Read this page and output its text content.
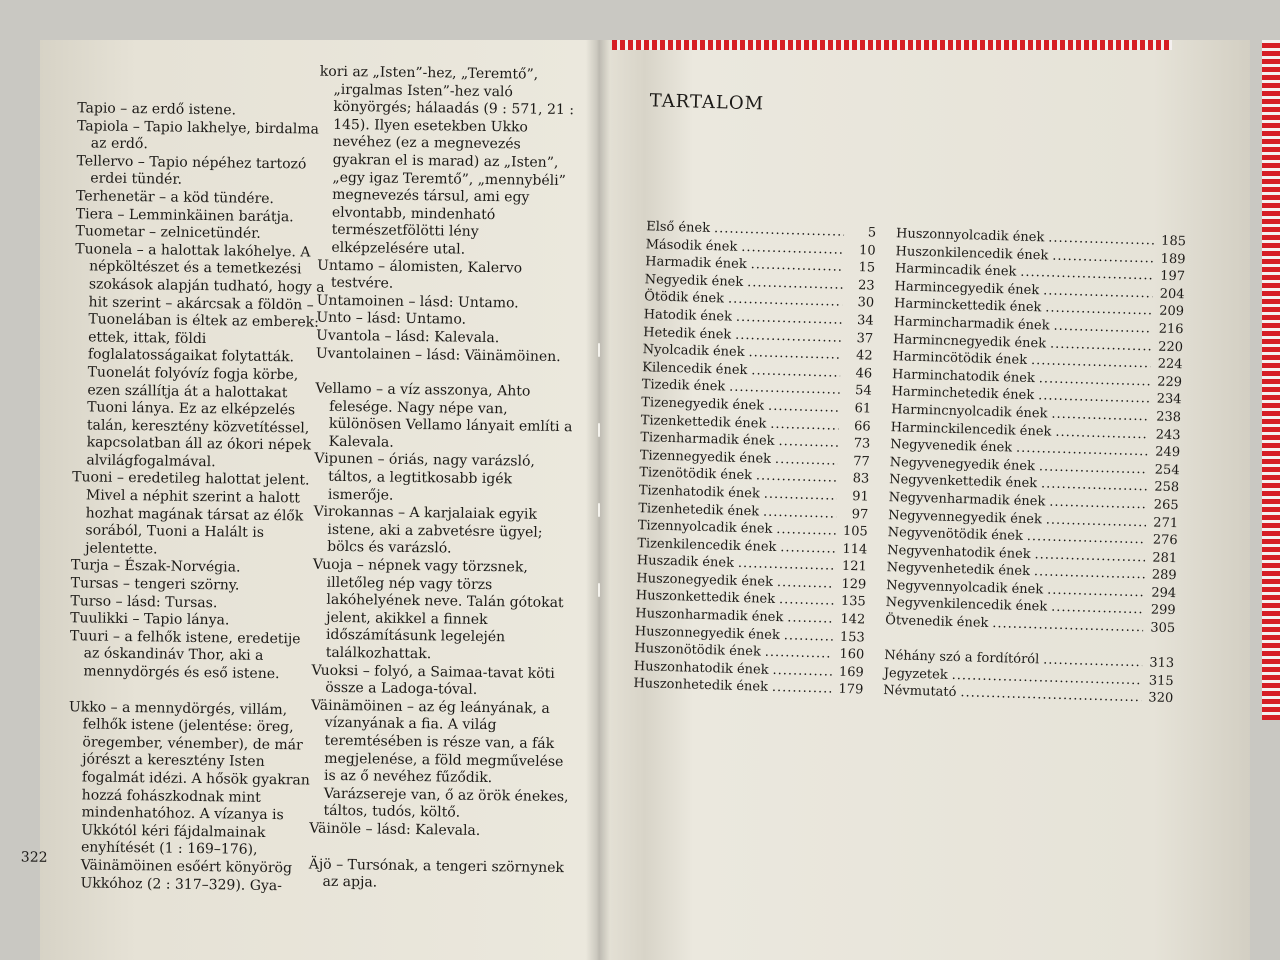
Tapio – az erdő istene.
Tapiola – Tapio lakhelye, birdalma az erdő.
Tellervo – Tapio népéhez tartozó erdei tündér.
Terhenetär – a köd tündére.
Tiera – Lemminkäinen barátja.
Tuometar – zelnicetündér.
Tuonela – a halottak lakóhelye. A népköltészet és a temetkezési szokások alapján tudható, hogy a hit szerint – akárcsak a földön – Tuonelában is éltek az emberek: ettek, ittak, földi foglalatosságaikat folytatták. Tuonelát folyóvíz fogja körbe, ezen szállítja át a halottakat Tuoni lánya. Ez az elképzelés talán, keresztény közvetítéssel, kapcsolatban áll az ókori népek alvilágfogalmával.
Tuoni – eredetileg halottat jelent. Mivel a néphit szerint a halott hozhat magának társat az élők sorából, Tuoni a Halált is jelentette.
Turja – Észak-Norvégia.
Tursas – tengeri szörny.
Turso – lásd: Tursas.
Tuulikki – Tapio lánya.
Tuuri – a felhők istene, eredetije az óskandináv Thor, aki a mennydörgés és eső istene.
Ukko – a mennydörgés, villám, felhők istene (jelentése: öreg, öregember, vénember), de már jórészt a keresztény Isten fogalmát idézi. A hősök gyakran hozzá fohászkodnak mint mindenhatóhoz. A vízanya is Ukkótól kéri fájdalmainak enyhítését (1 : 169–176), Väinämöinen esőért könyörög Ukkóhoz (2 : 317–329). Gya-
kori az „Isten”-hez, „Teremtő”, „irgalmas Isten”-hez való könyörgés; hálaadás (9 : 571, 21 : 145). Ilyen esetekben Ukko nevéhez (ez a megnevezés gyakran el is marad) az „Isten”, „egy igaz Teremtő”, „mennybéli” megnevezés társul, ami egy elvontabb, mindenható természetfölötti lény elképzelésére utal.
Untamo – álomisten, Kalervo testvére.
Untamoinen – lásd: Untamo.
Unto – lásd: Untamo.
Uvantola – lásd: Kalevala.
Uvantolainen – lásd: Väinämöinen.
Vellamo – a víz asszonya, Ahto felesége. Nagy népe van, különösen Vellamo lányait említi a Kalevala.
Vipunen – óriás, nagy varázsló, táltos, a legtitkosabb igék ismerője.
Virokannas – A karjalaiak egyik istene, aki a zabvetésre ügyel; bölcs és varázsló.
Vuoja – népnek vagy törzsnek, illetőleg nép vagy törzs lakóhelyének neve. Talán gótokat jelent, akikkel a finnek időszámításunk legelején találkozhattak.
Vuoksi – folyó, a Saimaa-tavat köti össze a Ladoga-tóval.
Väinämöinen – az ég leányának, a vízanyának a fia. A világ teremtésében is része van, a fák megjelenése, a föld megművelése is az ő nevéhez fűződik. Varázsereje van, ő az örök énekes, táltos, tudós, költő.
Väinöle – lásd: Kalevala.
Äjö – Tursónak, a tengeri szörnynek az apja.
322
TARTALOM
Első ének .....	5
Második ének .....	10
Harmadik ének .....	15
Negyedik ének .....	23
Ötödik ének .....	30
Hatodik ének .....	34
Hetedik ének .....	37
Nyolcadik ének .....	42
Kilencedik ének .....	46
Tizedik ének .....	54
Tizenegyedik ének .....	61
Tizenkettedik ének .....	66
Tizenharmadik ének .....	73
Tizennegyedik ének .....	77
Tizenötödik ének .....	83
Tizenhatodik ének .....	91
Tizenhetedik ének .....	97
Tizennyolcadik ének .....	105
Tizenkilencedik ének .....	114
Huszadik ének .....	121
Huszonegyedik ének .....	129
Huszonkettedik ének .....	135
Huszonharmadik ének .....	142
Huszonnegyedik ének .....	153
Huszonötödik ének .....	160
Huszonhatodik ének .....	169
Huszonhetedik ének .....	179
Huszonnyolcadik ének .....	185
Huszonkilencedik ének .....	189
Harmincadik ének .....	197
Harmincegyedik ének .....	204
Harminckettedik ének .....	209
Harmincharmadik ének .....	216
Harmincnegyedik ének .....	220
Harmincötödik ének .....	224
Harminchatodik ének .....	229
Harminchetedik ének .....	234
Harmincnyolcadik ének .....	238
Harminckilencedik ének .....	243
Negyvenedik ének .....	249
Negyvenegyedik ének .....	254
Negyvenkettedik ének .....	258
Negyvenharmadik ének .....	265
Negyvennegyedik ének .....	271
Negyvenötödik ének .....	276
Negyvenhatodik ének .....	281
Negyvenhetedik ének .....	289
Negyvennyolcadik ének .....	294
Negyvenkilencedik ének .....	299
Ötvenedik ének .....	305
Néhány szó a fordítóról .....	313
Jegyzetek .....	315
Névmutató .....	320
